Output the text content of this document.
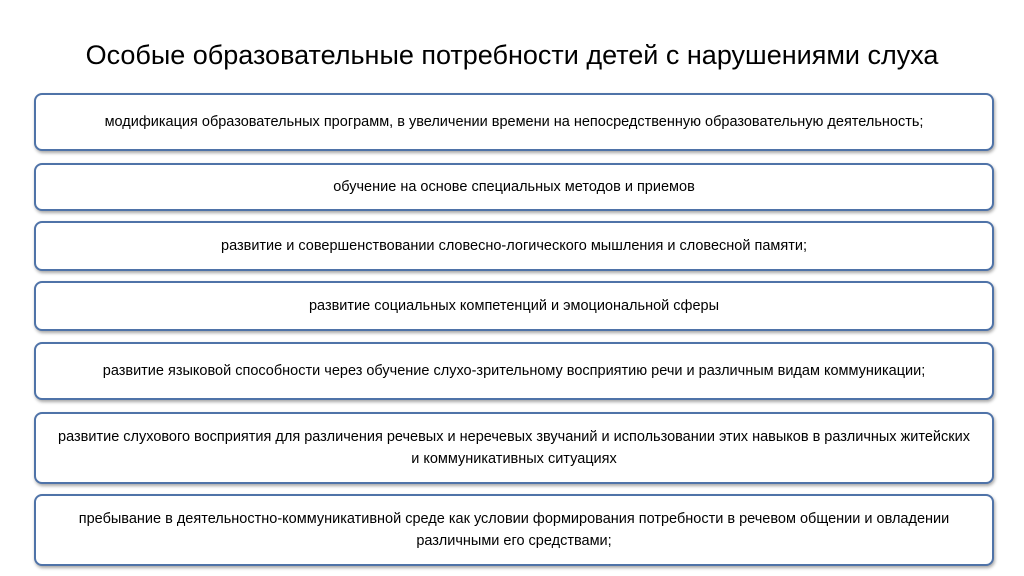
Особые образовательные потребности детей с нарушениями слуха
модификация образовательных программ, в увеличении времени на непосредственную образовательную деятельность;
обучение на основе специальных методов и приемов
развитие и совершенствовании словесно-логического мышления и словесной памяти;
развитие социальных компетенций и эмоциональной сферы
развитие языковой способности через обучение слухо-зрительному восприятию речи и различным видам коммуникации;
развитие слухового восприятия для различения речевых и неречевых звучаний и использовании этих навыков в различных житейских и коммуникативных ситуациях
пребывание в деятельностно-коммуникативной среде как условии формирования потребности в речевом общении и овладении различными его средствами;
